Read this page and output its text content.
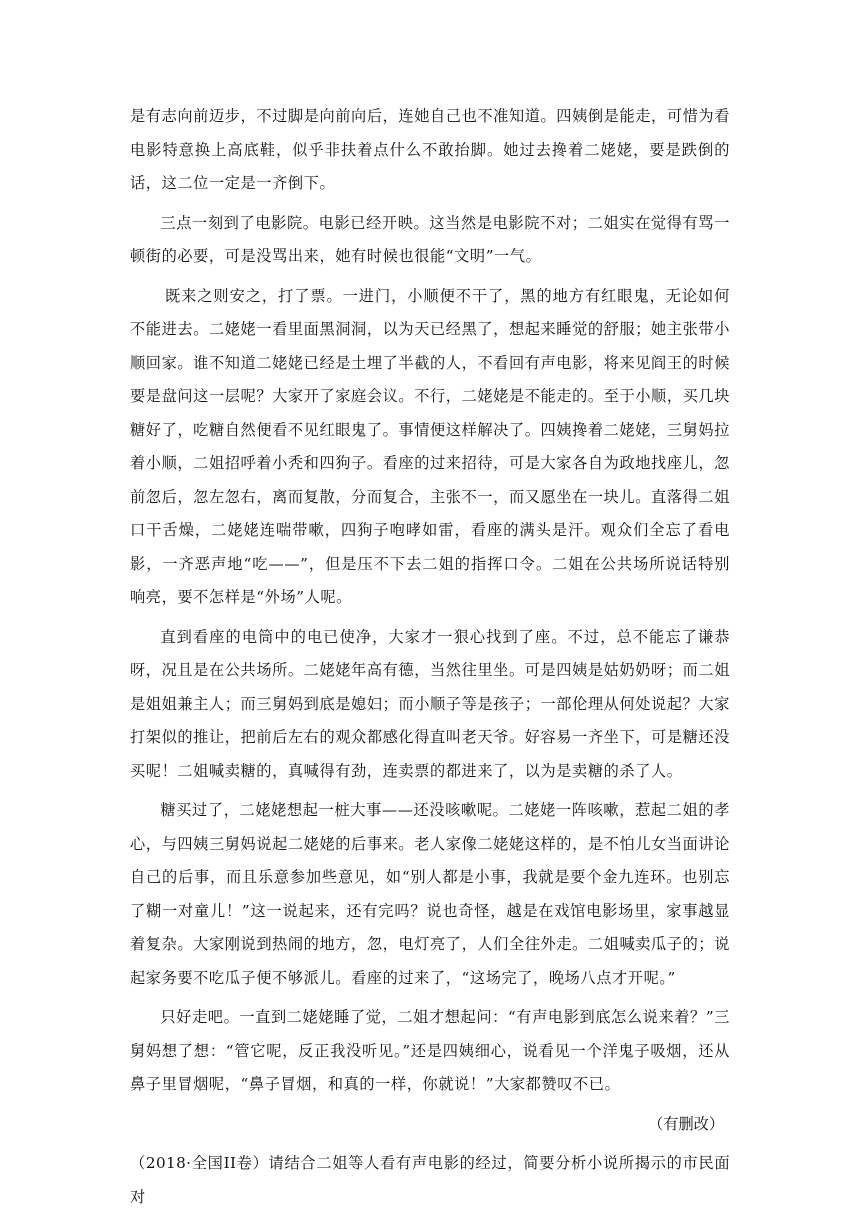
是有志向前迈步，不过脚是向前向后，连她自己也不准知道。四姨倒是能走，可惜为看电影特意换上高底鞋，似乎非扶着点什么不敢抬脚。她过去搀着二姥姥，要是跌倒的话，这二位一定是一齐倒下。

三点一刻到了电影院。电影已经开映。这当然是电影院不对；二姐实在觉得有骂一顿街的必要，可是没骂出来，她有时候也很能“文明”一气。

既来之则安之，打了票。一进门，小顺便不干了，黑的地方有红眼鬼，无论如何不能进去。二姥姥一看里面黑洞洞，以为天已经黑了，想起来睡觉的舒服；她主张带小顺回家。谁不知道二姥姥已经是土埋了半截的人，不看回有声电影，将来见阎王的时候要是盘问这一层呢？大家开了家庭会议。不行，二姥姥是不能走的。至于小顺，买几块糖好了，吃糖自然便看不见红眼鬼了。事情便这样解决了。四姨搀着二姥姥，三舅妈拉着小顺，二姐招呼着小秃和四狗子。看座的过来招待，可是大家各自为政地找座儿，忽前忽后，忽左忽右，离而复散，分而复合，主张不一，而又愿坐在一块儿。直落得二姐口干舌燥，二姥姥连喘带嗽，四狗子咆哮如雷，看座的满头是汗。观众们全忘了看电影，一齐恶声地“吃——”，但是压不下去二姐的指挥口令。二姐在公共场所说话特别响亮，要不怎样是“外场”人呢。

直到看座的电筒中的电已使净，大家才一狠心找到了座。不过，总不能忘了谦恭呀，况且是在公共场所。二姥姥年高有德，当然往里坐。可是四姨是姑奶奶呀；而二姐是姐姐兼主人；而三舅妈到底是媳妇；而小顺子等是孩子；一部伦理从何处说起？大家打架似的推让，把前后左右的观众都感化得直叫老天爷。好容易一齐坐下，可是糖还没买呢！二姐喊卖糖的，真喊得有劲，连卖票的都进来了，以为是卖糖的杀了人。

糖买过了，二姥姥想起一桩大事——还没咳嗽呢。二姥姥一阵咳嗽，惹起二姐的孝心，与四姨三舅妈说起二姥姥的后事来。老人家像二姥姥这样的，是不怕儿女当面讲论自己的后事，而且乐意参加些意见，如“别人都是小事，我就是要个金九连环。也别忘了糊一对童儿！”这一说起来，还有完吗？说也奇怪，越是在戏馆电影场里，家事越显着复杂。大家刚说到热闹的地方，忽，电灯亮了，人们全往外走。二姐喊卖瓜子的；说起家务要不吃瓜子便不够派儿。看座的过来了，“这场完了，晚场八点才开呢。”

只好走吧。一直到二姥姥睡了觉，二姐才想起问：“有声电影到底怎么说来着？”三舅妈想了想：“管它呢，反正我没听见。”还是四姨细心，说看见一个洋鬼子吸烟，还从鼻子里冒烟呢，“鼻子冒烟，和真的一样，你就说！”大家都赞叹不已。

（有删改）

（2018·全国II卷）请结合二姐等人看有声电影的经过，简要分析小说所揭示的市民面对
